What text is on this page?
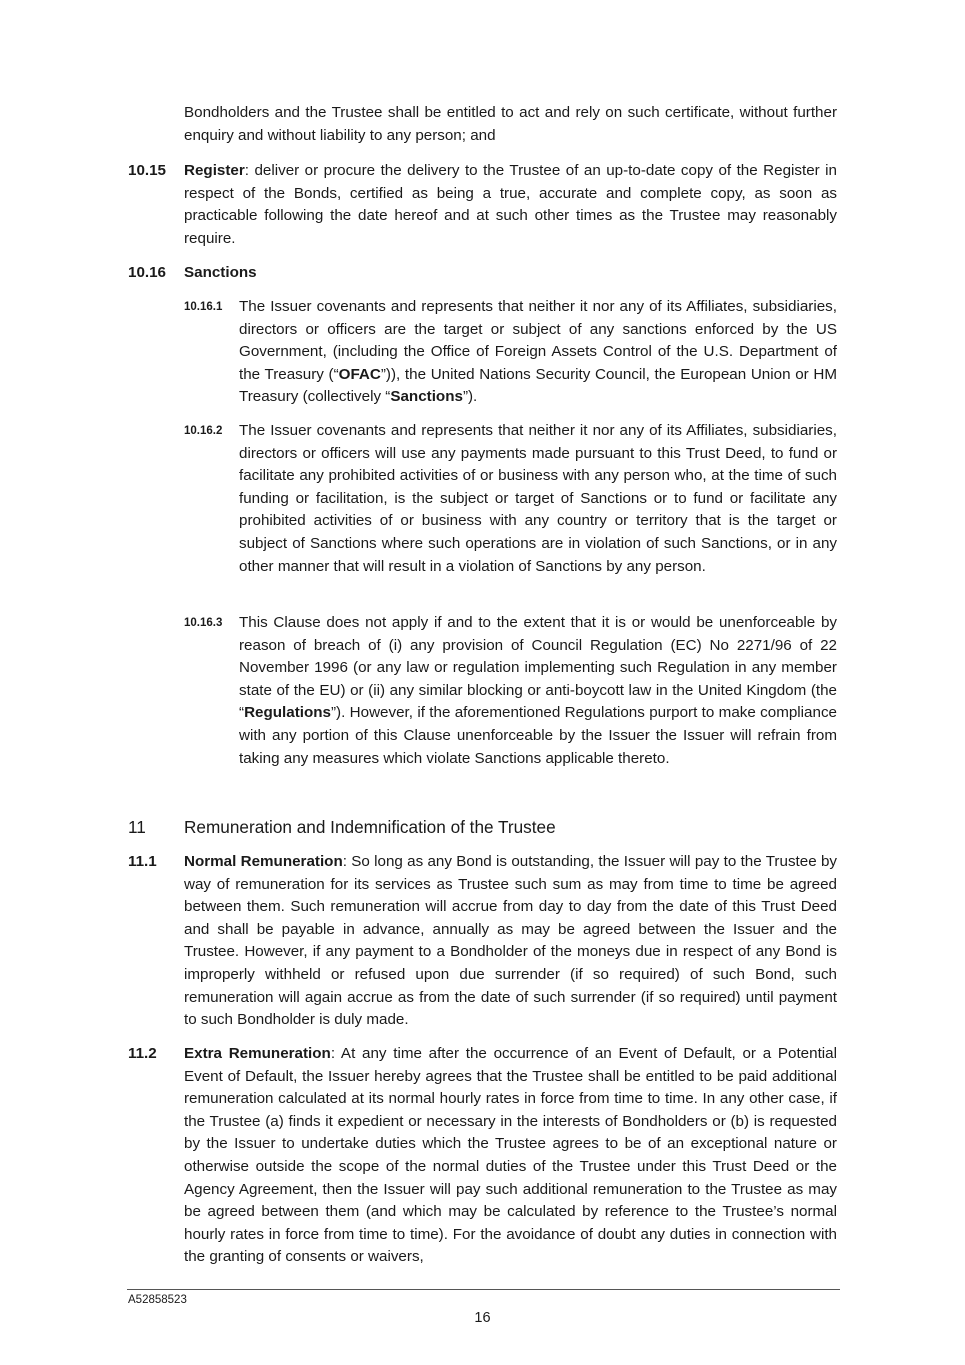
Bondholders and the Trustee shall be entitled to act and rely on such certificate, without further enquiry and without liability to any person; and
10.15 Register: deliver or procure the delivery to the Trustee of an up-to-date copy of the Register in respect of the Bonds, certified as being a true, accurate and complete copy, as soon as practicable following the date hereof and at such other times as the Trustee may reasonably require.
10.16 Sanctions
10.16.1 The Issuer covenants and represents that neither it nor any of its Affiliates, subsidiaries, directors or officers are the target or subject of any sanctions enforced by the US Government, (including the Office of Foreign Assets Control of the U.S. Department of the Treasury (“OFAC”)), the United Nations Security Council, the European Union or HM Treasury (collectively “Sanctions”).
10.16.2 The Issuer covenants and represents that neither it nor any of its Affiliates, subsidiaries, directors or officers will use any payments made pursuant to this Trust Deed, to fund or facilitate any prohibited activities of or business with any person who, at the time of such funding or facilitation, is the subject or target of Sanctions or to fund or facilitate any prohibited activities of or business with any country or territory that is the target or subject of Sanctions where such operations are in violation of such Sanctions, or in any other manner that will result in a violation of Sanctions by any person.
10.16.3 This Clause does not apply if and to the extent that it is or would be unenforceable by reason of breach of (i) any provision of Council Regulation (EC) No 2271/96 of 22 November 1996 (or any law or regulation implementing such Regulation in any member state of the EU) or (ii) any similar blocking or anti-boycott law in the United Kingdom (the “Regulations”). However, if the aforementioned Regulations purport to make compliance with any portion of this Clause unenforceable by the Issuer the Issuer will refrain from taking any measures which violate Sanctions applicable thereto.
11 Remuneration and Indemnification of the Trustee
11.1 Normal Remuneration: So long as any Bond is outstanding, the Issuer will pay to the Trustee by way of remuneration for its services as Trustee such sum as may from time to time be agreed between them. Such remuneration will accrue from day to day from the date of this Trust Deed and shall be payable in advance, annually as may be agreed between the Issuer and the Trustee. However, if any payment to a Bondholder of the moneys due in respect of any Bond is improperly withheld or refused upon due surrender (if so required) of such Bond, such remuneration will again accrue as from the date of such surrender (if so required) until payment to such Bondholder is duly made.
11.2 Extra Remuneration: At any time after the occurrence of an Event of Default, or a Potential Event of Default, the Issuer hereby agrees that the Trustee shall be entitled to be paid additional remuneration calculated at its normal hourly rates in force from time to time. In any other case, if the Trustee (a) finds it expedient or necessary in the interests of Bondholders or (b) is requested by the Issuer to undertake duties which the Trustee agrees to be of an exceptional nature or otherwise outside the scope of the normal duties of the Trustee under this Trust Deed or the Agency Agreement, then the Issuer will pay such additional remuneration to the Trustee as may be agreed between them (and which may be calculated by reference to the Trustee’s normal hourly rates in force from time to time). For the avoidance of doubt any duties in connection with the granting of consents or waivers,
A52858523
16
